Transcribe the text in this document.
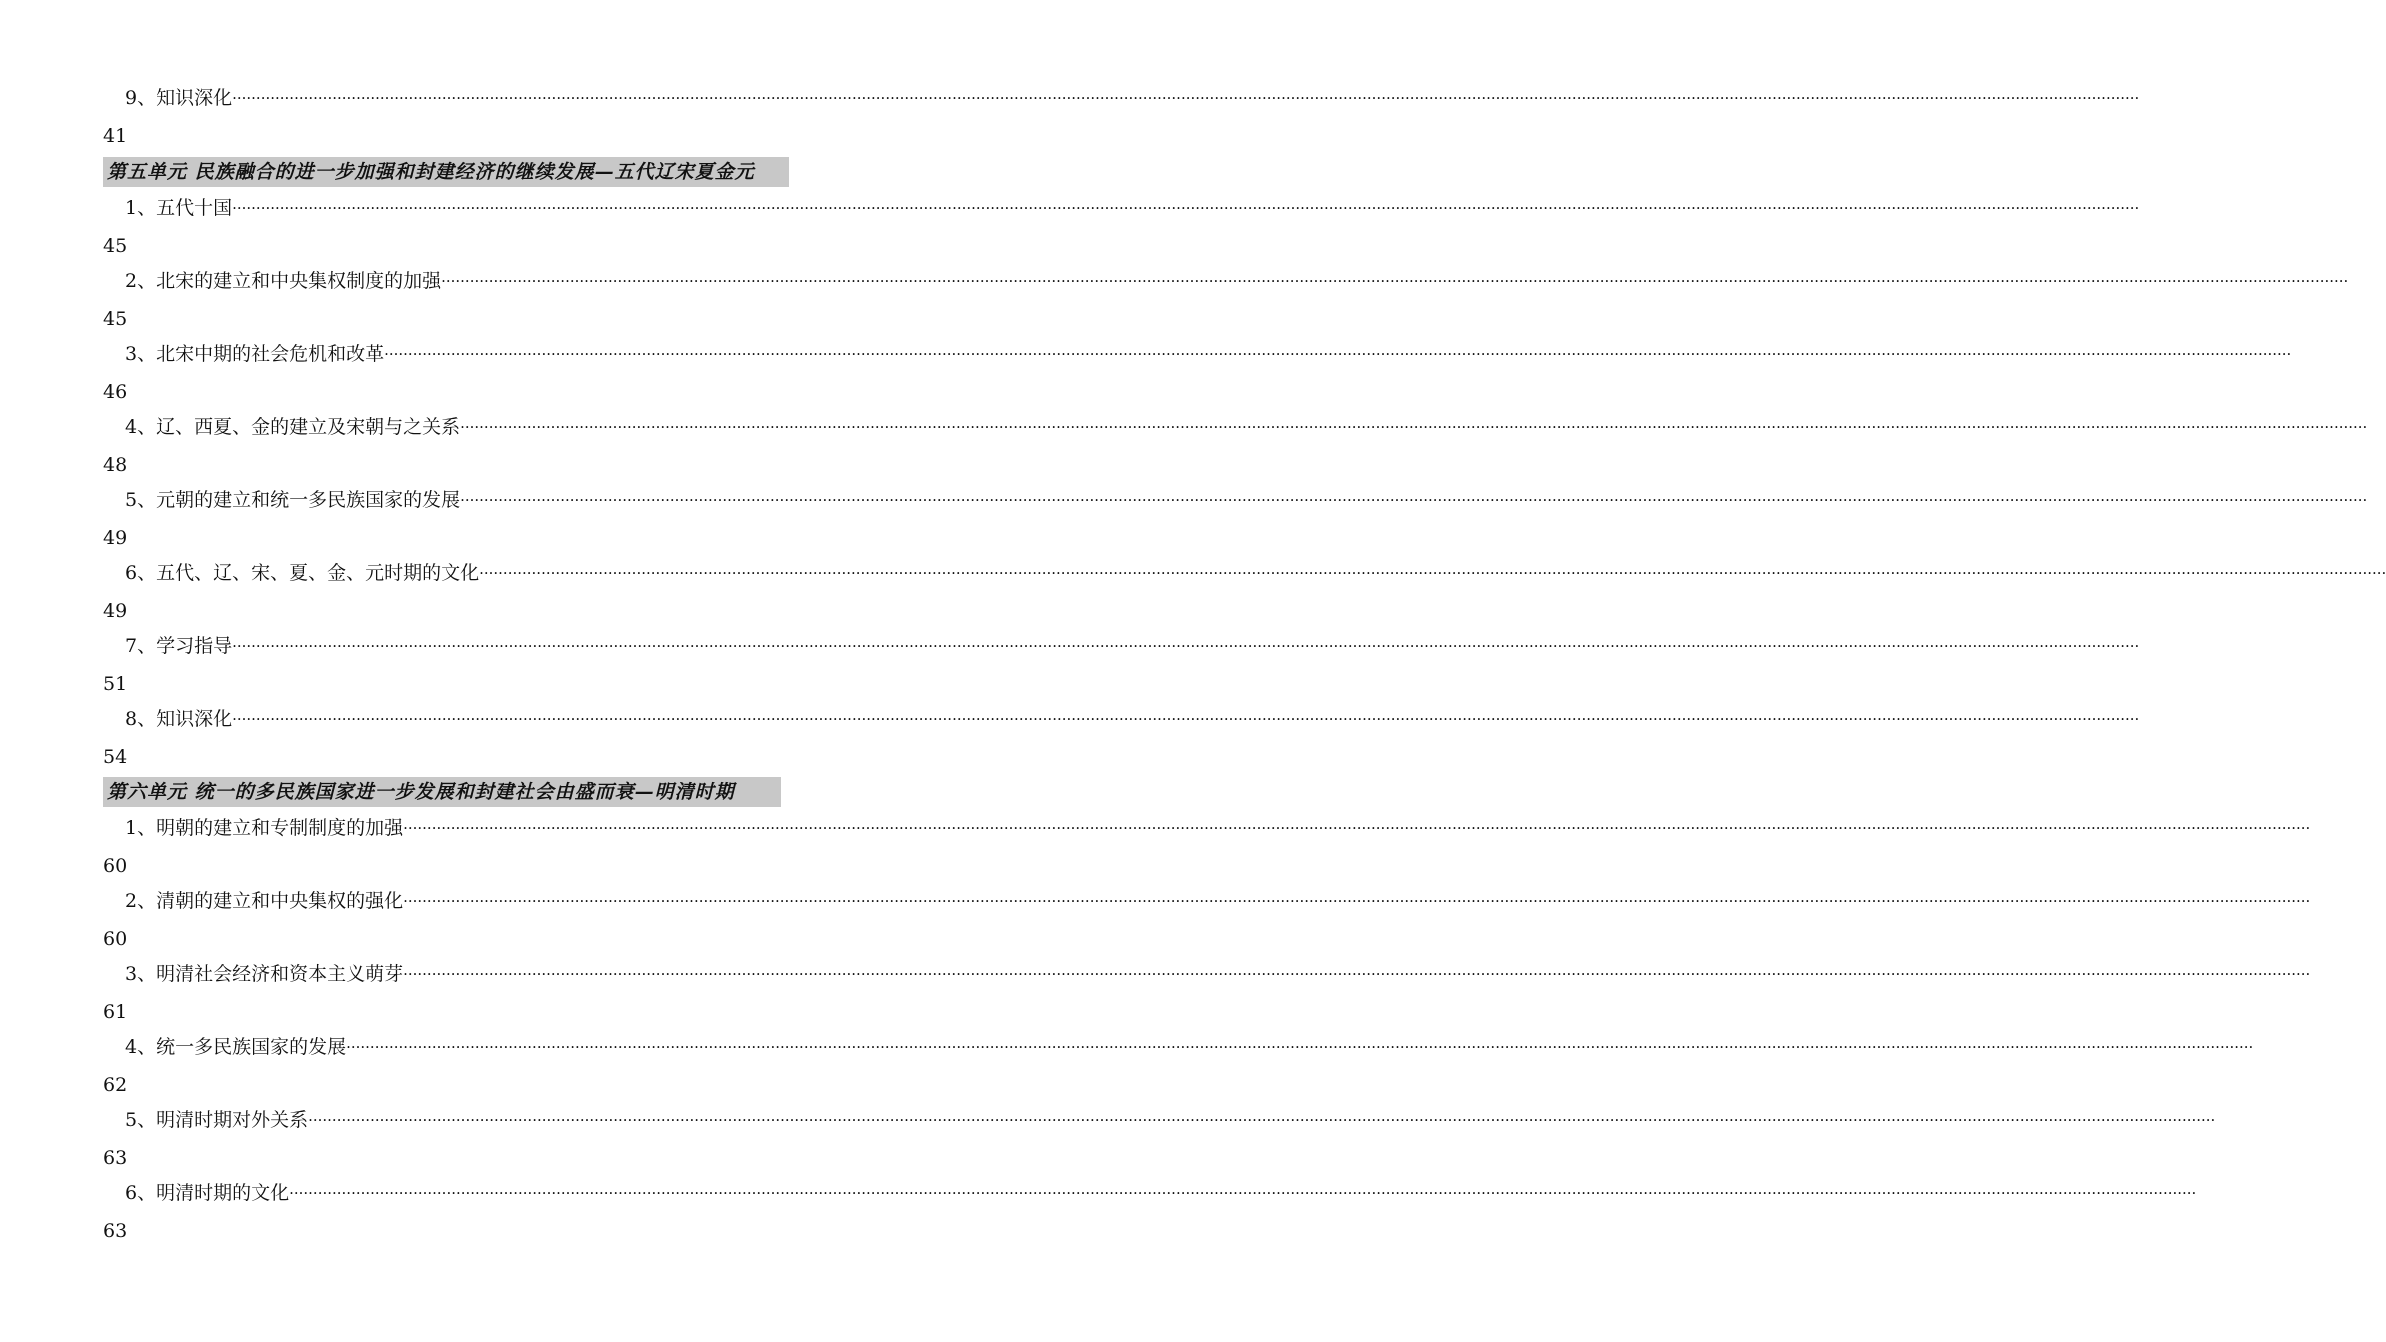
9、知识深化 ················································································································································································································································································································································································································
41
第五单元 民族融合的进一步加强和封建经济的继续发展—五代辽宋夏金元
1、五代十国 ················································································································································································································································································································································································································
45
2、北宋的建立和中央集权制度的加强 ················································································································································································································································································································································································································
45
3、北宋中期的社会危机和改革 ················································································································································································································································································································································································································
46
4、辽、西夏、金的建立及宋朝与之关系 ················································································································································································································································································································································································································
48
5、元朝的建立和统一多民族国家的发展 ················································································································································································································································································································································································································
49
6、五代、辽、宋、夏、金、元时期的文化 ················································································································································································································································································································································································································
49
7、学习指导 ················································································································································································································································································································································································································
51
8、知识深化 ················································································································································································································································································································································································································
54
第六单元 统一的多民族国家进一步发展和封建社会由盛而衰—明清时期
1、明朝的建立和专制制度的加强 ················································································································································································································································································································································································································
60
2、清朝的建立和中央集权的强化 ················································································································································································································································································································································································································
60
3、明清社会经济和资本主义萌芽 ················································································································································································································································································································································································································
61
4、统一多民族国家的发展 ················································································································································································································································································································································································································
62
5、明清时期对外关系 ················································································································································································································································································································································································································
63
6、明清时期的文化 ················································································································································································································································································································································································································
63
